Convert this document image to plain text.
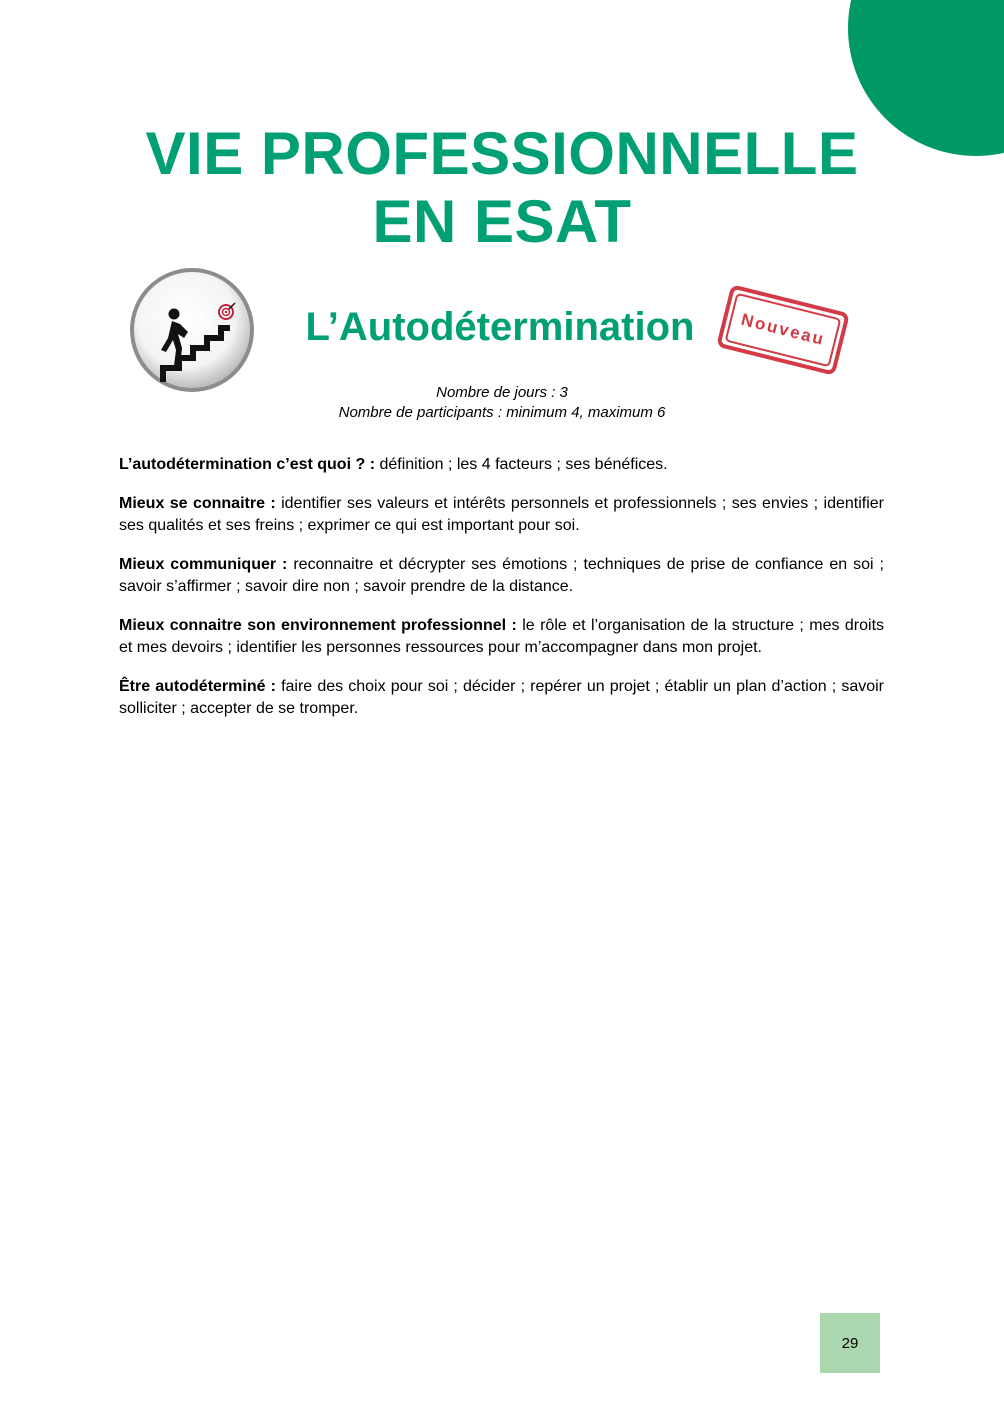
VIE PROFESSIONNELLE
EN ESAT
L’Autodétermination	Nouveau
Nombre de jours : 3
Nombre de participants : minimum 4, maximum 6

L’autodétermination c’est quoi ? : définition ; les 4 facteurs ; ses bénéfices.

Mieux se connaitre : identifier ses valeurs et intérêts personnels et professionnels ; ses envies ; identifier ses qualités et ses freins ; exprimer ce qui est important pour soi.

Mieux communiquer : reconnaitre et décrypter ses émotions ; techniques de prise de confiance en soi ; savoir s’affirmer ; savoir dire non ; savoir prendre de la distance.

Mieux connaitre son environnement professionnel : le rôle et l’organisation de la structure ; mes droits et mes devoirs ; identifier les personnes ressources pour m’accompagner dans mon projet.

Être autodéterminé : faire des choix pour soi ; décider ; repérer un projet ; établir un plan d’action ; savoir solliciter ; accepter de se tromper.

29
